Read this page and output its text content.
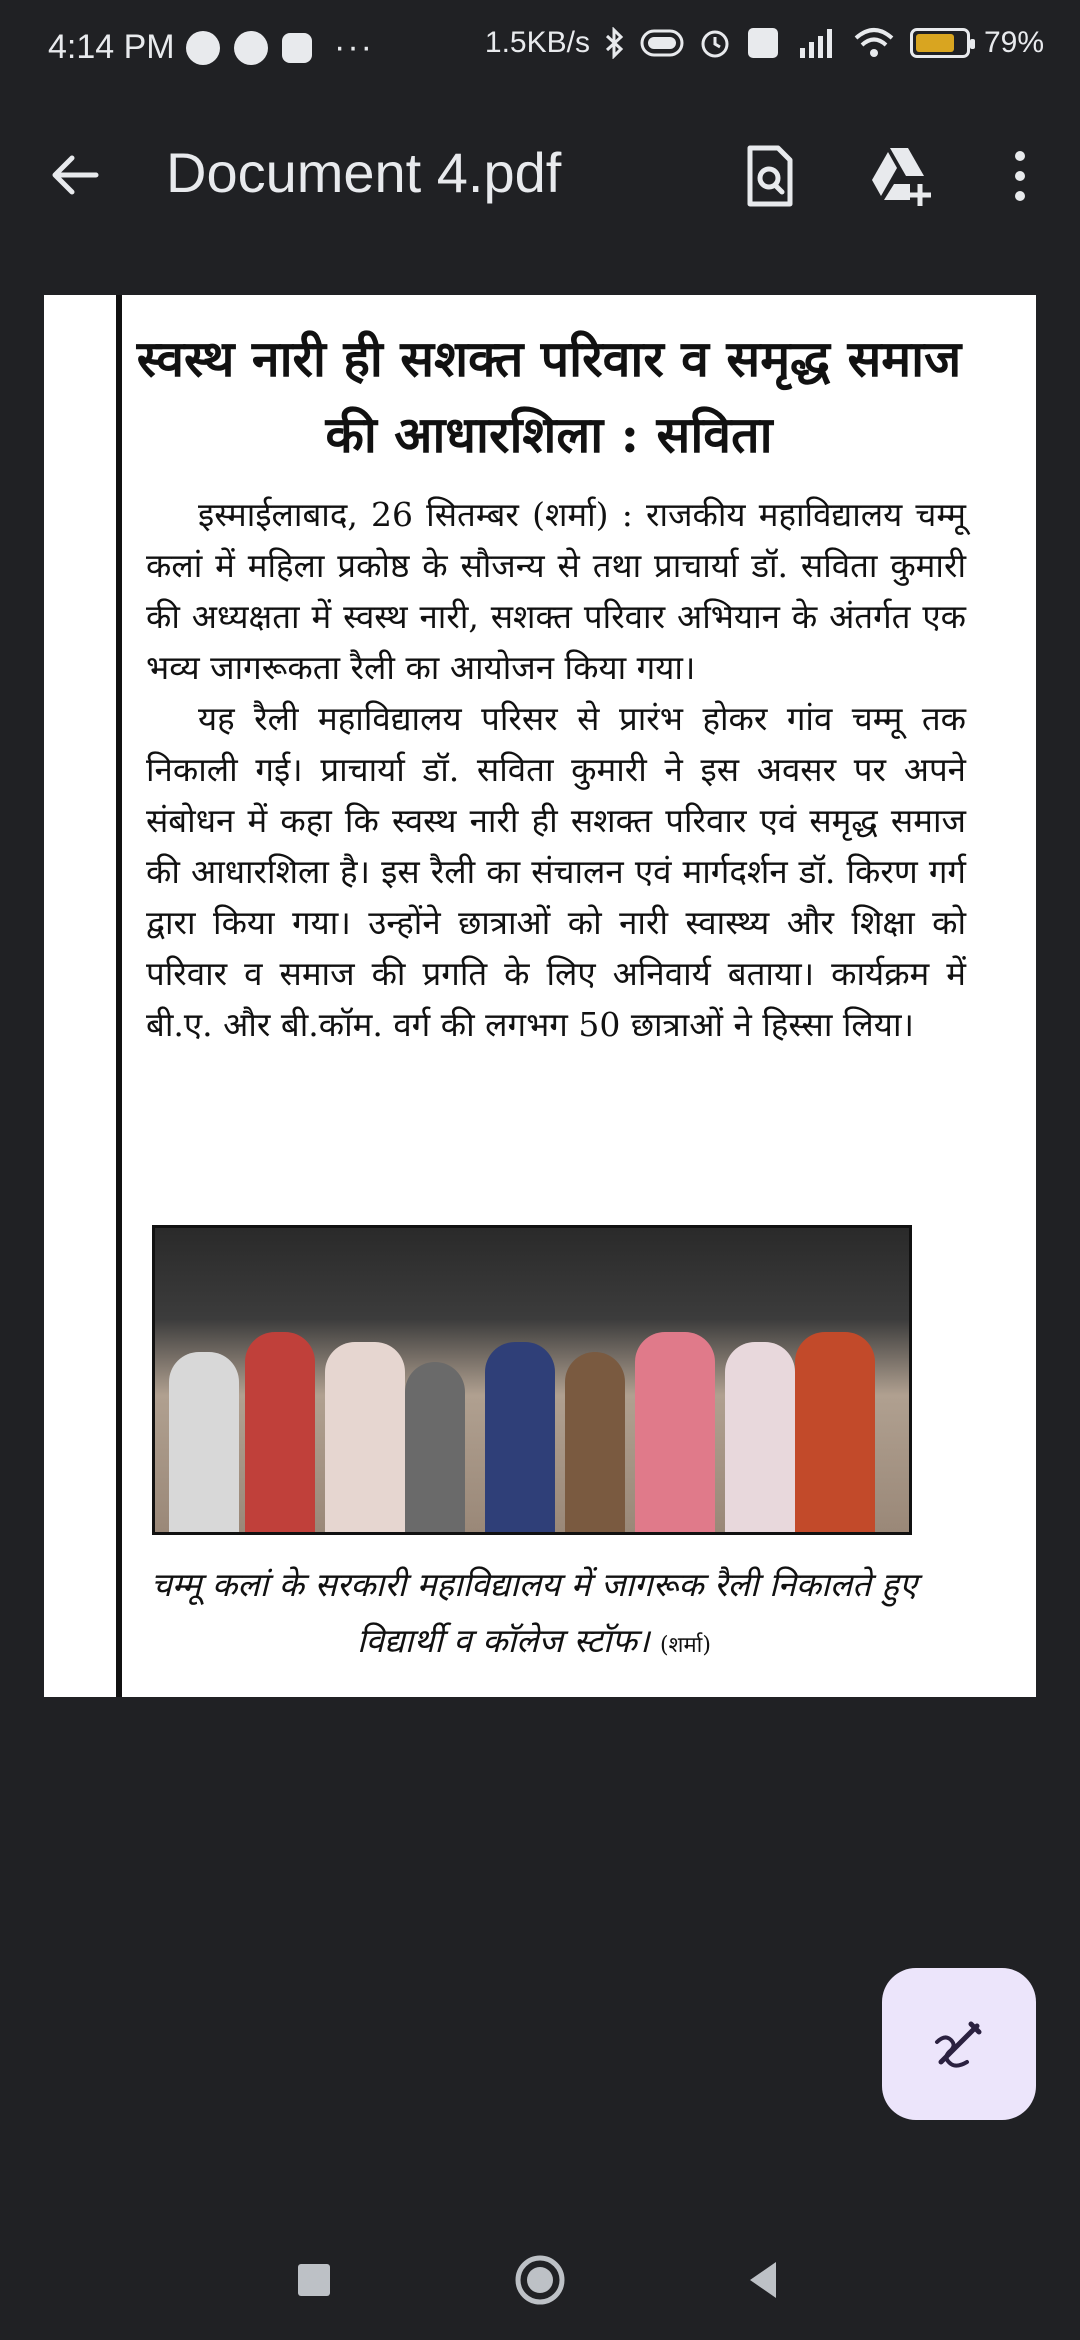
4:14 PM	···	1.5KB/s	79%
Document 4.pdf
स्वस्थ नारी ही सशक्त परिवार व समृद्ध समाज की आधारशिला : सविता

इस्माईलाबाद, 26 सितम्बर (शर्मा) : राजकीय महाविद्यालय चम्मू कलां में महिला प्रकोष्ठ के सौजन्य से तथा प्राचार्या डॉ. सविता कुमारी की अध्यक्षता में स्वस्थ नारी, सशक्त परिवार अभियान के अंतर्गत एक भव्य जागरूकता रैली का आयोजन किया गया।

यह रैली महाविद्यालय परिसर से प्रारंभ होकर गांव चम्मू तक निकाली गई। प्राचार्या डॉ. सविता कुमारी ने इस अवसर पर अपने संबोधन में कहा कि स्वस्थ नारी ही सशक्त परिवार एवं समृद्ध समाज की आधारशिला है। इस रैली का संचालन एवं मार्गदर्शन डॉ. किरण गर्ग द्वारा किया गया। उन्होंने छात्राओं को नारी स्वास्थ्य और शिक्षा को परिवार व समाज की प्रगति के लिए अनिवार्य बताया। कार्यक्रम में बी.ए. और बी.कॉम. वर्ग की लगभग 50 छात्राओं ने हिस्सा लिया।

चम्मू कलां के सरकारी महाविद्यालय में जागरूक रैली निकालते हुए विद्यार्थी व कॉलेज स्टॉफ। (शर्मा)
